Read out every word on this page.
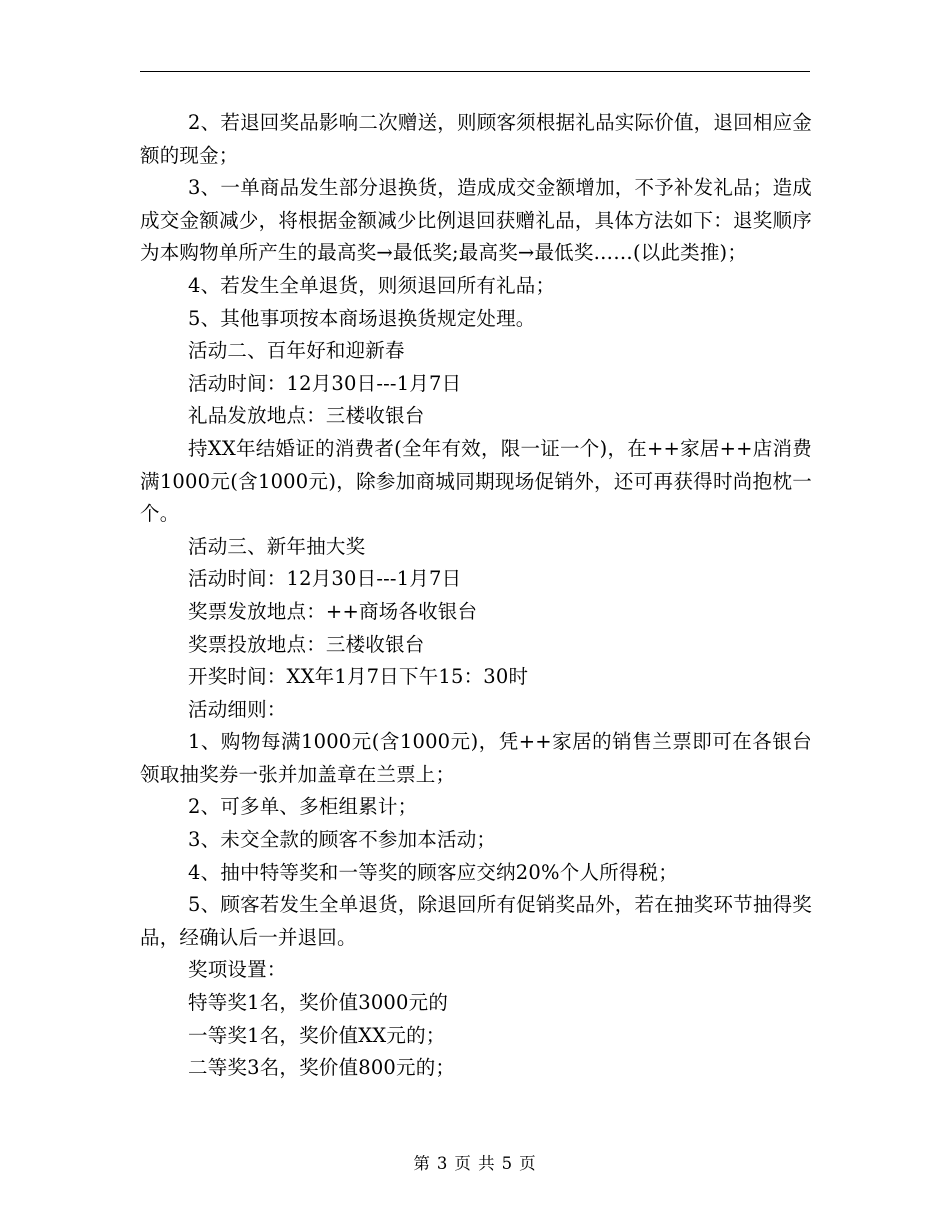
2、若退回奖品影响二次赠送，则顾客须根据礼品实际价值，退回相应金额的现金；

3、一单商品发生部分退换货，造成成交金额增加，不予补发礼品；造成成交金额减少，将根据金额减少比例退回获赠礼品，具体方法如下：退奖顺序为本购物单所产生的最高奖→最低奖;最高奖→最低奖……(以此类推)；

4、若发生全单退货，则须退回所有礼品；

5、其他事项按本商场退换货规定处理。

活动二、百年好和迎新春

活动时间：12月30日---1月7日

礼品发放地点：三楼收银台

持XX年结婚证的消费者(全年有效，限一证一个)，在++家居++店消费满1000元(含1000元)，除参加商城同期现场促销外，还可再获得时尚抱枕一个。

活动三、新年抽大奖

活动时间：12月30日---1月7日

奖票发放地点：++商场各收银台

奖票投放地点：三楼收银台

开奖时间：XX年1月7日下午15：30时

活动细则：

1、购物每满1000元(含1000元)，凭++家居的销售兰票即可在各银台领取抽奖券一张并加盖章在兰票上；

2、可多单、多柜组累计；

3、未交全款的顾客不参加本活动；

4、抽中特等奖和一等奖的顾客应交纳20%个人所得税；

5、顾客若发生全单退货，除退回所有促销奖品外，若在抽奖环节抽得奖品，经确认后一并退回。

奖项设置：

特等奖1名，奖价值3000元的

一等奖1名，奖价值XX元的；

二等奖3名，奖价值800元的；

第 3 页 共 5 页
